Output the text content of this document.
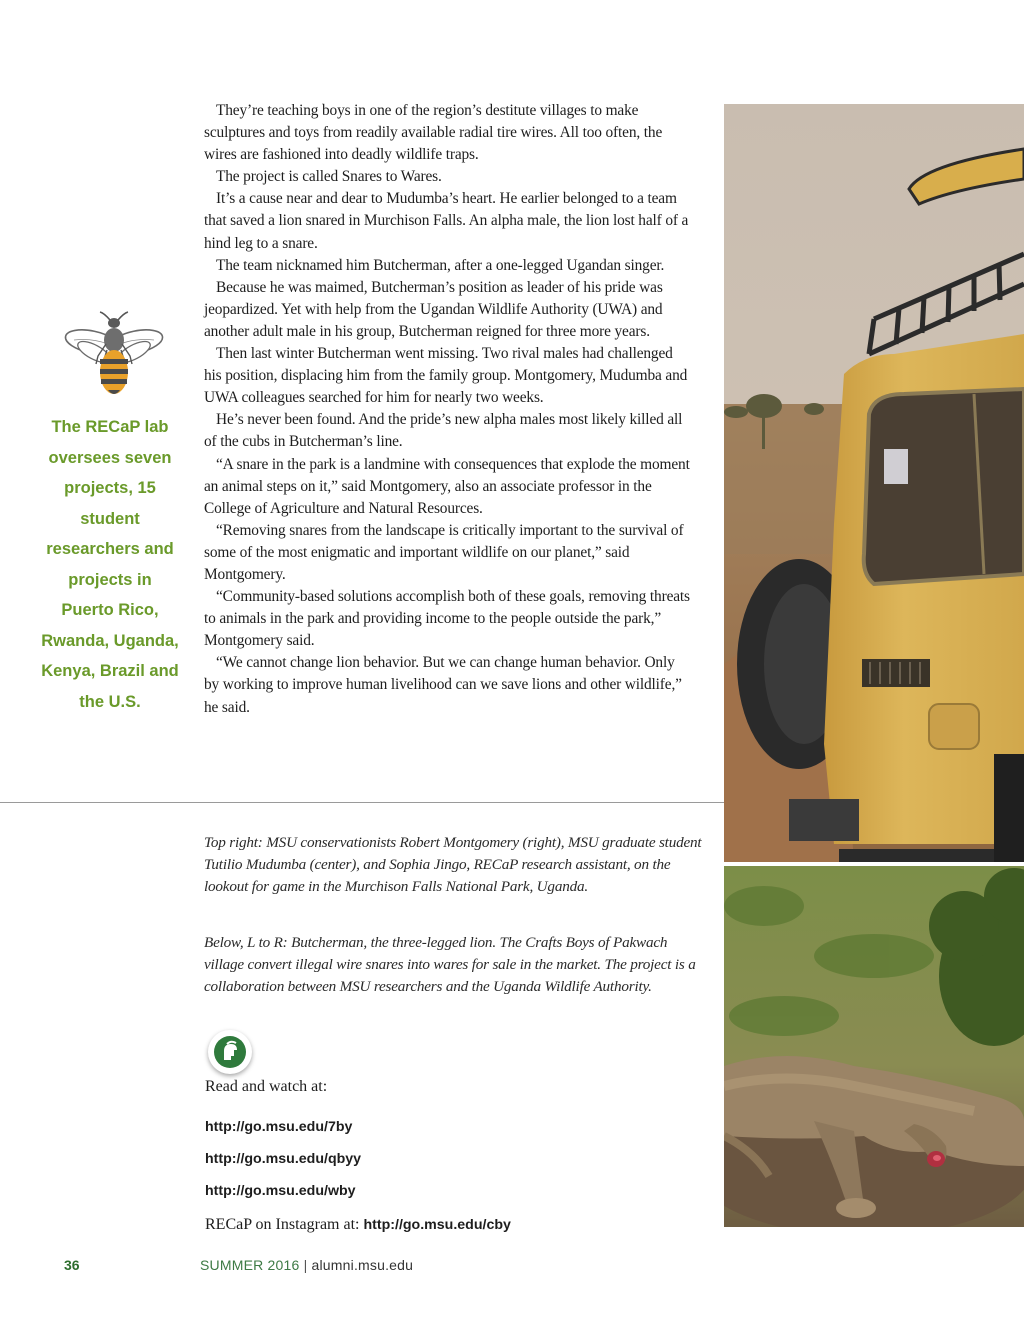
They’re teaching boys in one of the region’s destitute villages to make sculptures and toys from readily available radial tire wires. All too often, the wires are fashioned into deadly wildlife traps.

The project is called Snares to Wares.

It’s a cause near and dear to Mudumba’s heart. He earlier belonged to a team that saved a lion snared in Murchison Falls. An alpha male, the lion lost half of a hind leg to a snare.

The team nicknamed him Butcherman, after a one-legged Ugandan singer.

Because he was maimed, Butcherman’s position as leader of his pride was jeopardized. Yet with help from the Ugandan Wildlife Authority (UWA) and another adult male in his group, Butcherman reigned for three more years.

Then last winter Butcherman went missing. Two rival males had challenged his position, displacing him from the family group. Montgomery, Mudumba and UWA colleagues searched for him for nearly two weeks.

He’s never been found. And the pride’s new alpha males most likely killed all of the cubs in Butcherman’s line.

“A snare in the park is a landmine with consequences that explode the moment an animal steps on it,” said Montgomery, also an associate professor in the College of Agriculture and Natural Resources.

“Removing snares from the landscape is critically important to the survival of some of the most enigmatic and important wildlife on our planet,” said Montgomery.

“Community-based solutions accomplish both of these goals, removing threats to animals in the park and providing income to the people outside the park,” Montgomery said.

“We cannot change lion behavior. But we can change human behavior. Only by working to improve human livelihood can we save lions and other wildlife,” he said.

The RECaP lab oversees seven projects, 15 student researchers and projects in Puerto Rico, Rwanda, Uganda, Kenya, Brazil and the U.S.
Top right: MSU conservationists Robert Montgomery (right), MSU graduate student Tutilio Mudumba (center), and Sophia Jingo, RECaP research assistant, on the lookout for game in the Murchison Falls National Park, Uganda.
Below, L to R: Butcherman, the three-legged lion. The Crafts Boys of Pakwach village convert illegal wire snares into wares for sale in the market. The project is a collaboration between MSU researchers and the Uganda Wildlife Authority.
Read and watch at:
http://go.msu.edu/7by
http://go.msu.edu/qbyy
http://go.msu.edu/wby
RECaP on Instagram at: http://go.msu.edu/cby
36	SUMMER 2016 | alumni.msu.edu
